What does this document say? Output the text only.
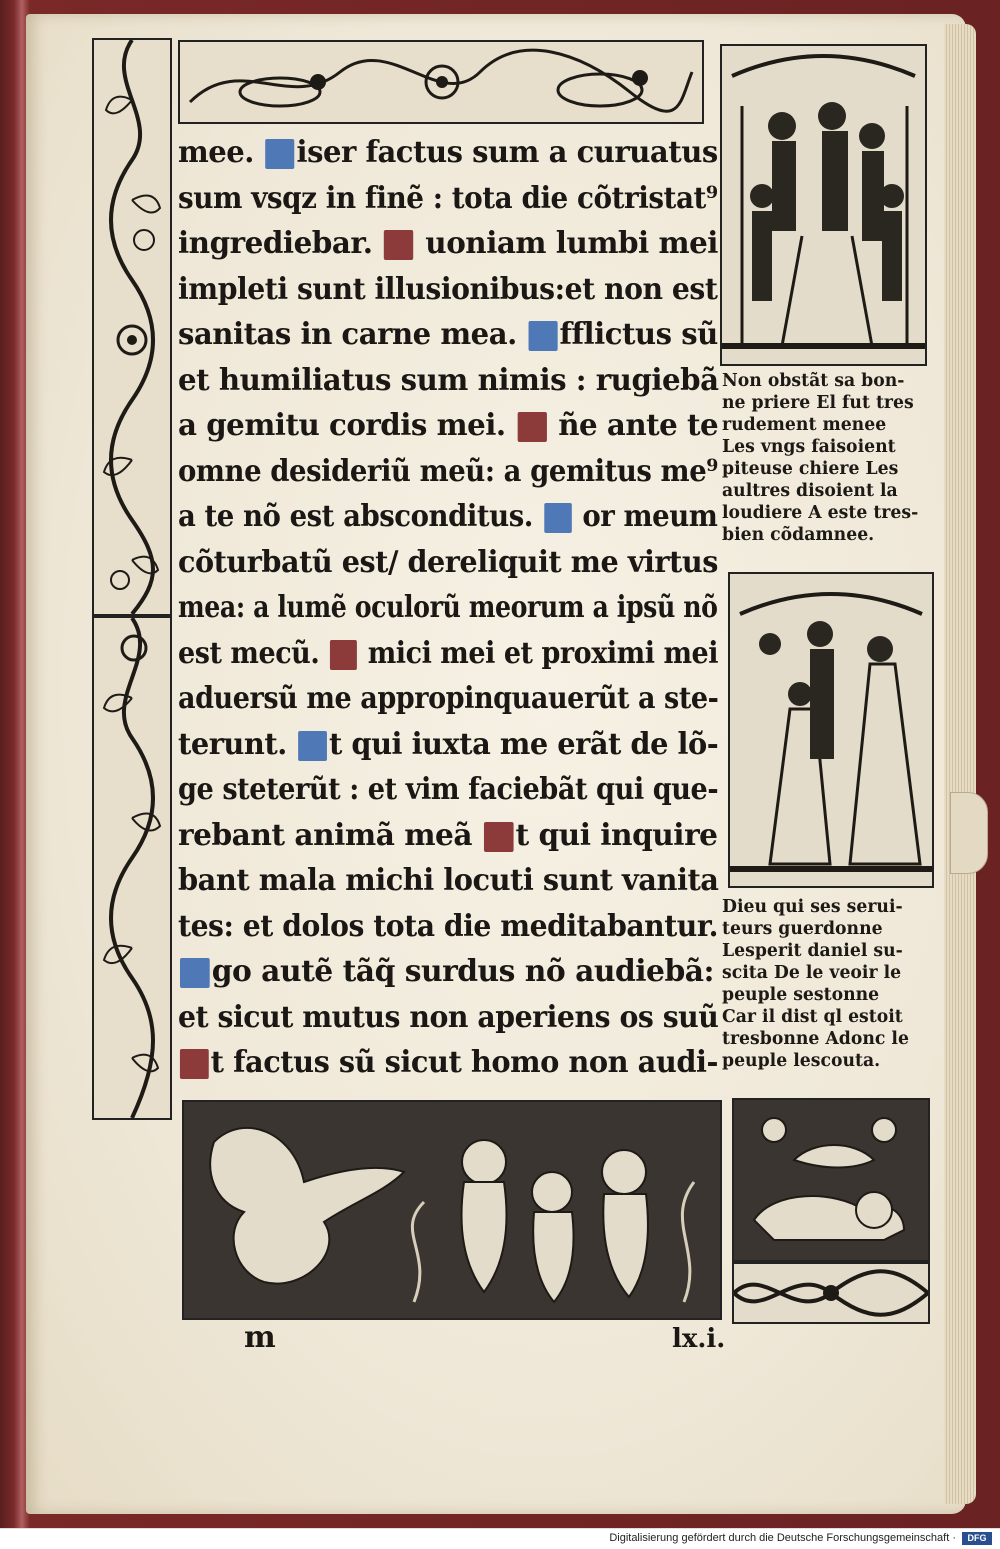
mee. iser factus sum a curuatus
sum vsqz in finẽ : tota die cõtristat⁹
ingrediebar.  uoniam lumbi mei
impleti sunt illusionibus:et non est
sanitas in carne mea. fflictus sũ
et humiliatus sum nimis : rugiebã
a gemitu cordis mei.  ñe ante te
omne desideriũ meũ: a gemitus me⁹
a te nõ est absconditus.  or meum
cõturbatũ est/ dereliquit me virtus
mea: a lumẽ oculorũ meorum a ipsũ nõ
est mecũ.  mici mei et proximi mei
aduersũ me appropinquauerũt a ste-
terunt. t qui iuxta me erãt de lõ-
ge steterũt : et vim faciebãt qui que-
rebant animã meã t qui inquire
bant mala michi locuti sunt vanita
tes: et dolos tota die meditabantur.
go autẽ tãq̃ surdus nõ audiebã:
et sicut mutus non aperiens os suũ
t factus sũ sicut homo non audi-
Non obstãt sa bon-
ne priere El fut tres
rudement menee
Les vngs faisoient
piteuse chiere Les
aultres disoient la
loudiere A este tres-
bien cõdamnee.
Dieu qui ses serui-
teurs guerdonne
Lesperit daniel su-
scita De le veoir le
peuple sestonne
Car il dist ql estoit
tresbonne Adonc le
peuple lescouta.
m	lx.i.
Digitalisierung gefördert durch die Deutsche Forschungsgemeinschaft ·	DFG
